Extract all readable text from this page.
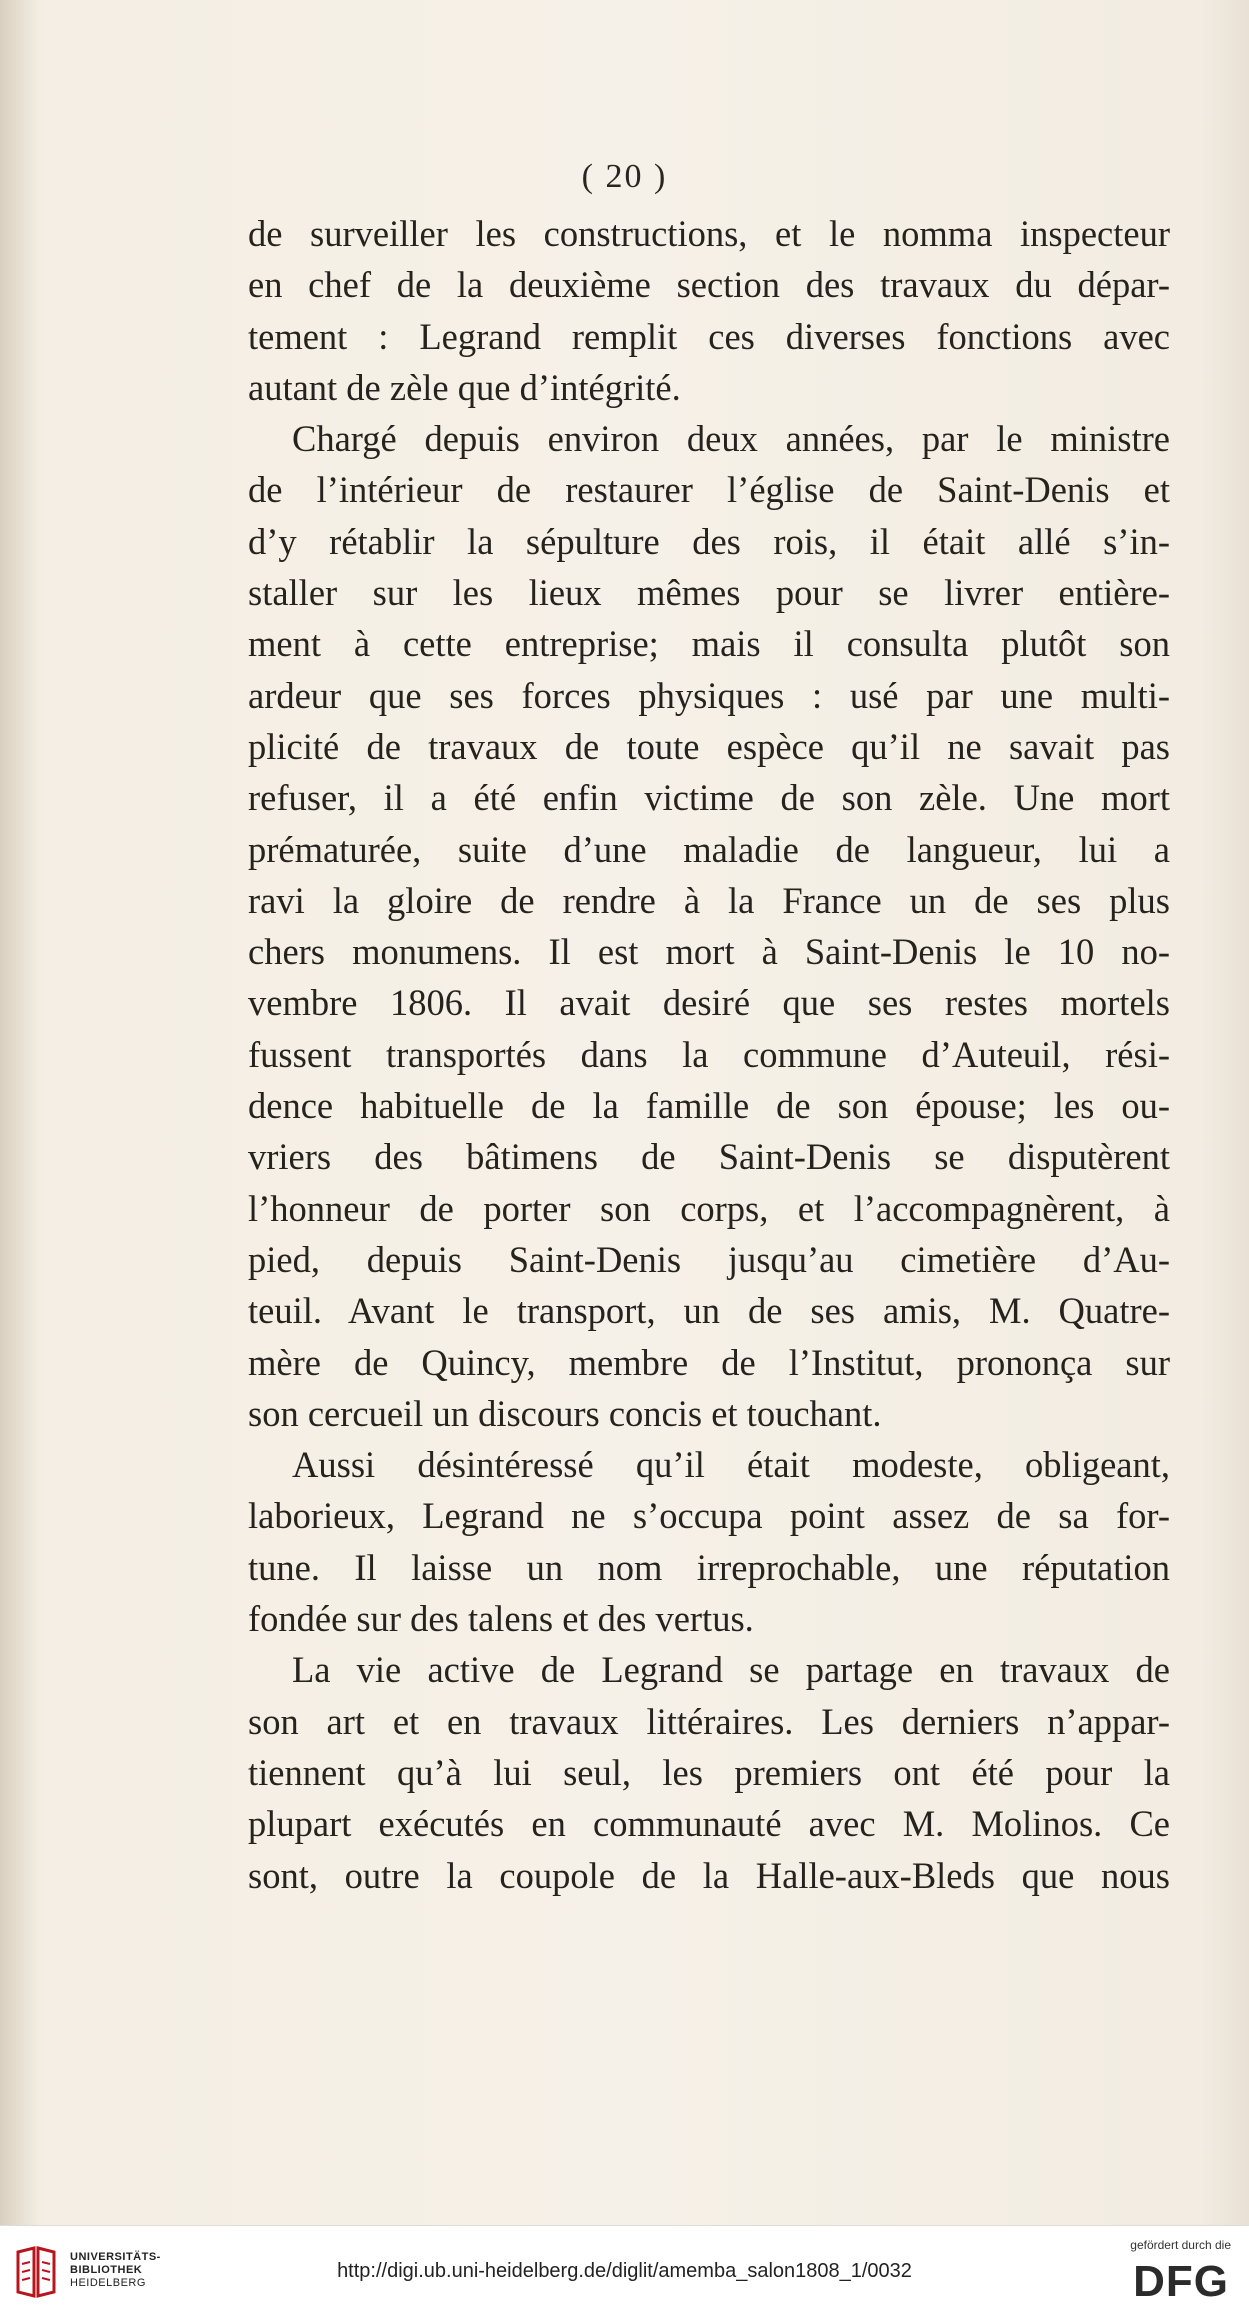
( 20 )
de surveiller les constructions, et le nomma inspecteur
en chef de la deuxième section des travaux du dépar-
tement : Legrand remplit ces diverses fonctions avec
autant de zèle que d’intégrité.
Chargé depuis environ deux années, par le ministre
de l’intérieur de restaurer l’église de Saint-Denis et
d’y rétablir la sépulture des rois, il était allé s’in-
staller sur les lieux mêmes pour se livrer entière-
ment à cette entreprise; mais il consulta plutôt son
ardeur que ses forces physiques : usé par une multi-
plicité de travaux de toute espèce qu’il ne savait pas
refuser, il a été enfin victime de son zèle. Une mort
prématurée, suite d’une maladie de langueur, lui a
ravi la gloire de rendre à la France un de ses plus
chers monumens. Il est mort à Saint-Denis le 10 no-
vembre 1806. Il avait desiré que ses restes mortels
fussent transportés dans la commune d’Auteuil, rési-
dence habituelle de la famille de son épouse; les ou-
vriers des bâtimens de Saint-Denis se disputèrent
l’honneur de porter son corps, et l’accompagnèrent, à
pied, depuis Saint-Denis jusqu’au cimetière d’Au-
teuil. Avant le transport, un de ses amis, M. Quatre-
mère de Quincy, membre de l’Institut, prononça sur
son cercueil un discours concis et touchant.
Aussi désintéressé qu’il était modeste, obligeant,
laborieux, Legrand ne s’occupa point assez de sa for-
tune. Il laisse un nom irreprochable, une réputation
fondée sur des talens et des vertus.
La vie active de Legrand se partage en travaux de
son art et en travaux littéraires. Les derniers n’appar-
tiennent qu’à lui seul, les premiers ont été pour la
plupart exécutés en communauté avec M. Molinos. Ce
sont, outre la coupole de la Halle-aux-Bleds que nous
UNIVERSITÄTS-
BIBLIOTHEK
HEIDELBERG
http://digi.ub.uni-heidelberg.de/diglit/amemba_salon1808_1/0032
gefördert durch die
DFG
